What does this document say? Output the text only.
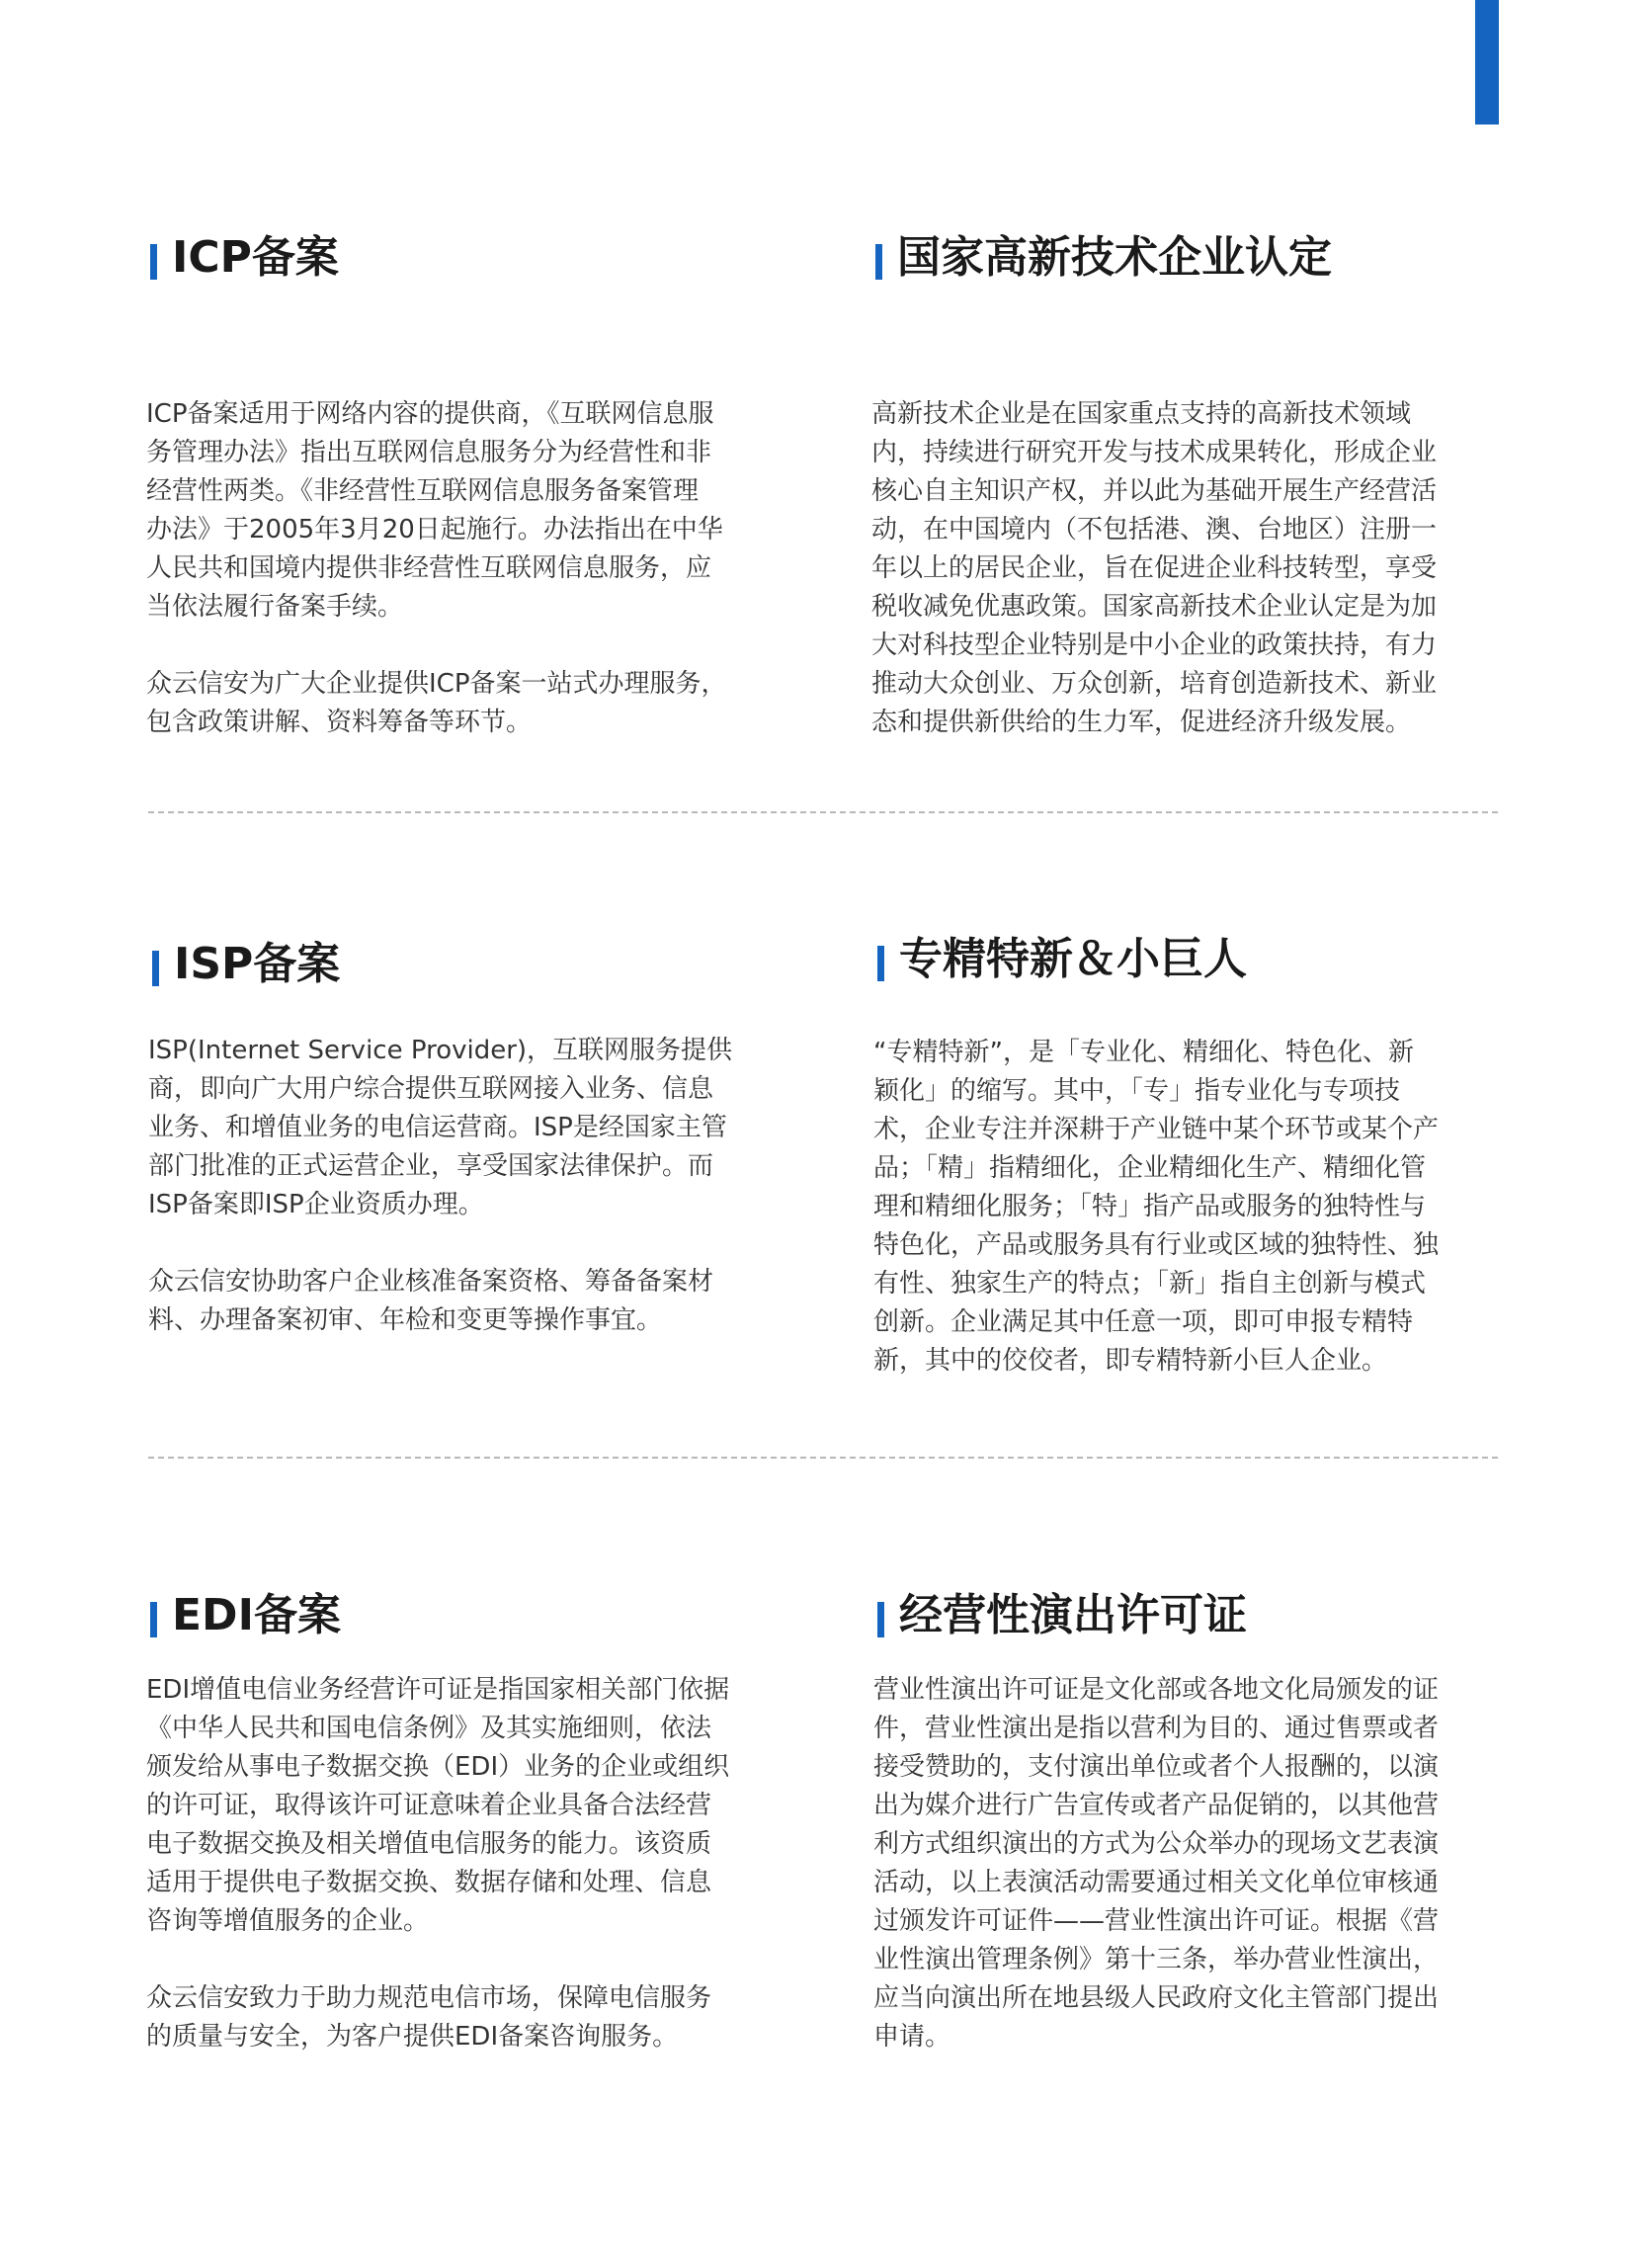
ICP备案

ICP备案适用于网络内容的提供商，《互联网信息服
务管理办法》指出互联网信息服务分为经营性和非
经营性两类。《非经营性互联网信息服务备案管理
办法》于2005年3月20日起施行。办法指出在中华
人民共和国境内提供非经营性互联网信息服务，应
当依法履行备案手续。

众云信安为广大企业提供ICP备案一站式办理服务，
包含政策讲解、资料筹备等环节。

国家高新技术企业认定

高新技术企业是在国家重点支持的高新技术领域
内，持续进行研究开发与技术成果转化，形成企业
核心自主知识产权，并以此为基础开展生产经营活
动，在中国境内（不包括港、澳、台地区）注册一
年以上的居民企业，旨在促进企业科技转型，享受
税收减免优惠政策。国家高新技术企业认定是为加
大对科技型企业特别是中小企业的政策扶持，有力
推动大众创业、万众创新，培育创造新技术、新业
态和提供新供给的生力军，促进经济升级发展。

ISP备案

ISP(Internet Service Provider)，互联网服务提供
商，即向广大用户综合提供互联网接入业务、信息
业务、和增值业务的电信运营商。ISP是经国家主管
部门批准的正式运营企业，享受国家法律保护。而
ISP备案即ISP企业资质办理。

众云信安协助客户企业核准备案资格、筹备备案材
料、办理备案初审、年检和变更等操作事宜。

专精特新＆小巨人

“专精特新”，是「专业化、精细化、特色化、新
颖化」的缩写。其中，「专」指专业化与专项技
术，企业专注并深耕于产业链中某个环节或某个产
品；「精」指精细化，企业精细化生产、精细化管
理和精细化服务；「特」指产品或服务的独特性与
特色化，产品或服务具有行业或区域的独特性、独
有性、独家生产的特点；「新」指自主创新与模式
创新。企业满足其中任意一项，即可申报专精特
新，其中的佼佼者，即专精特新小巨人企业。

EDI备案

EDI增值电信业务经营许可证是指国家相关部门依据
《中华人民共和国电信条例》及其实施细则，依法
颁发给从事电子数据交换（EDI）业务的企业或组织
的许可证，取得该许可证意味着企业具备合法经营
电子数据交换及相关增值电信服务的能力。该资质
适用于提供电子数据交换、数据存储和处理、信息
咨询等增值服务的企业。

众云信安致力于助力规范电信市场，保障电信服务
的质量与安全，为客户提供EDI备案咨询服务。

经营性演出许可证

营业性演出许可证是文化部或各地文化局颁发的证
件，营业性演出是指以营利为目的、通过售票或者
接受赞助的，支付演出单位或者个人报酬的，以演
出为媒介进行广告宣传或者产品促销的，以其他营
利方式组织演出的方式为公众举办的现场文艺表演
活动，以上表演活动需要通过相关文化单位审核通
过颁发许可证件——营业性演出许可证。根据《营
业性演出管理条例》第十三条，举办营业性演出，
应当向演出所在地县级人民政府文化主管部门提出
申请。
